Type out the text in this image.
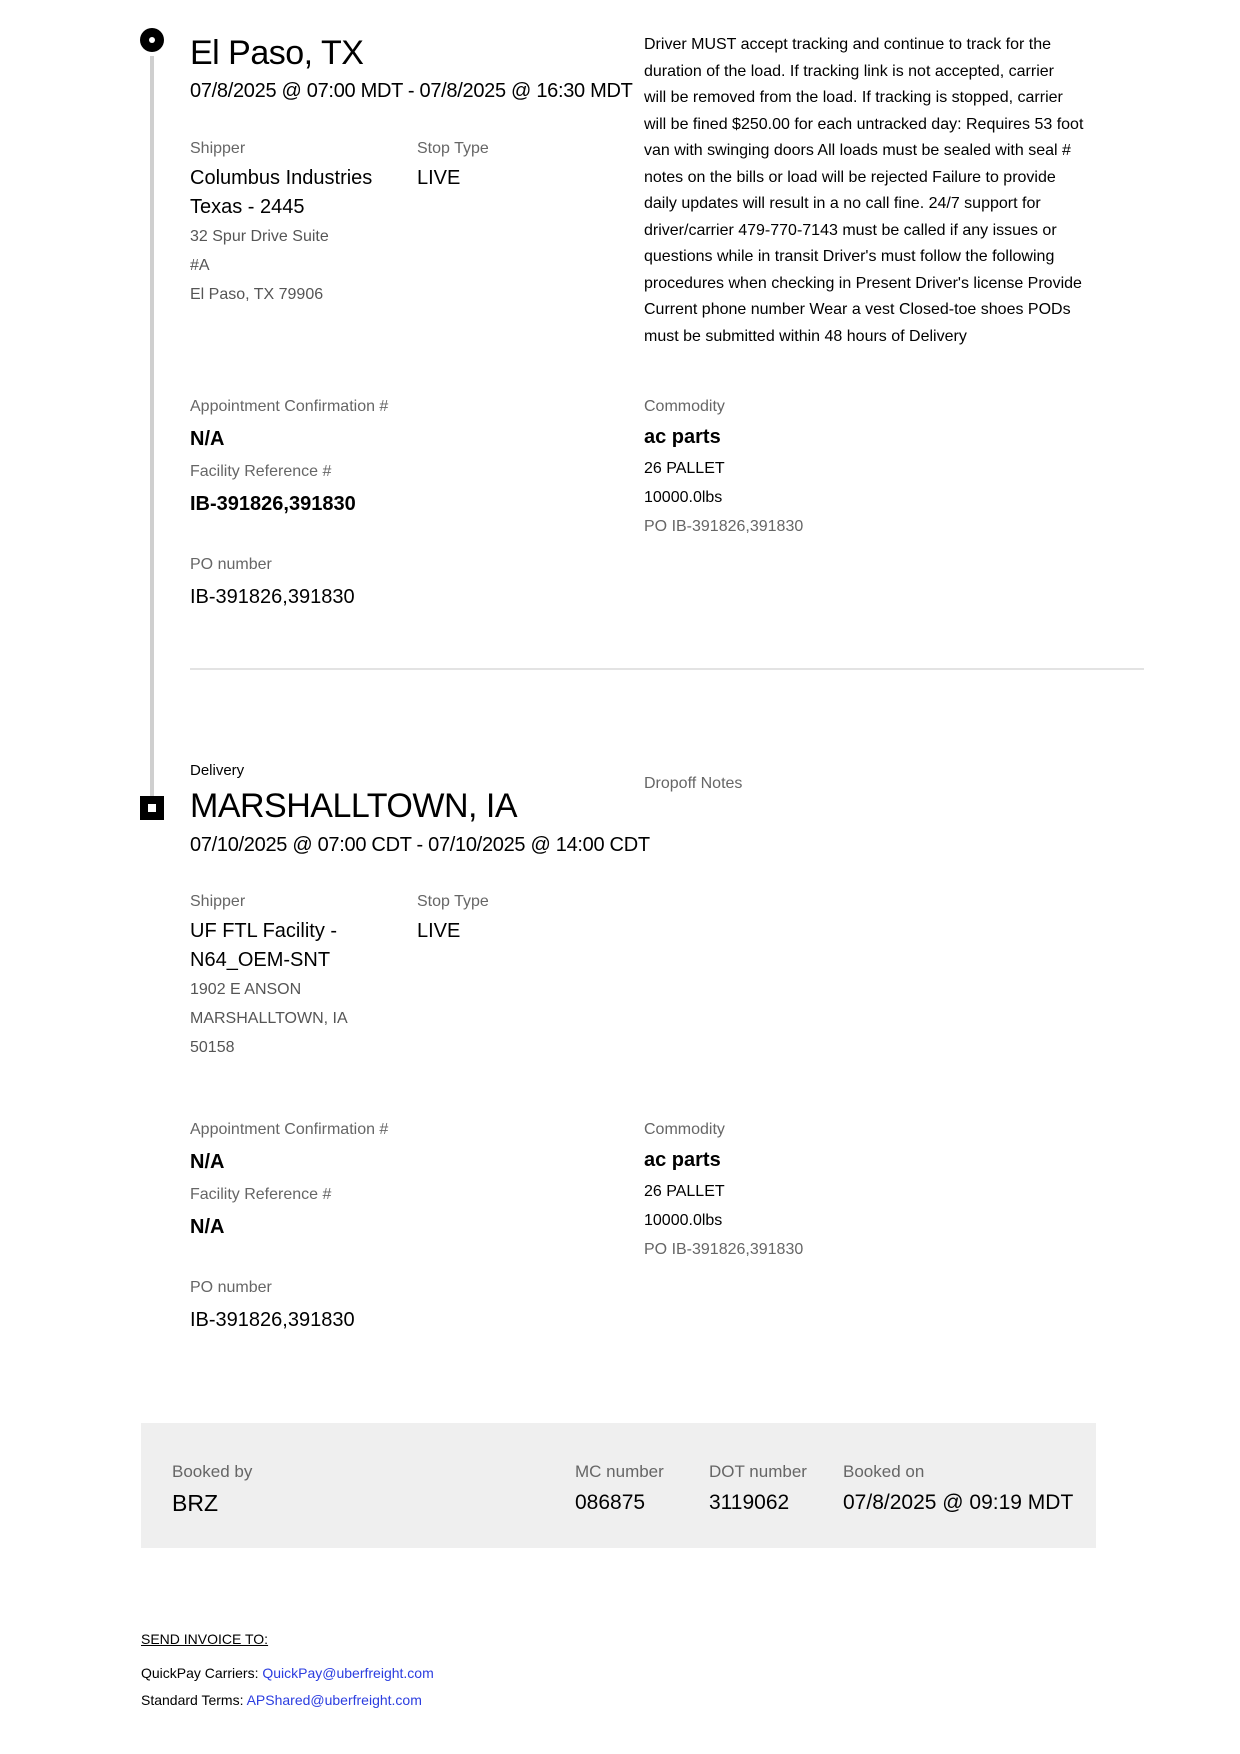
El Paso, TX
07/8/2025 @ 07:00 MDT - 07/8/2025 @ 16:30 MDT
Shipper
Columbus Industries
Texas - 2445
32 Spur Drive Suite
#A
El Paso, TX 79906
Stop Type
LIVE
Driver MUST accept tracking and continue to track for the
duration of the load. If tracking link is not accepted, carrier
will be removed from the load. If tracking is stopped, carrier
will be fined $250.00 for each untracked day: Requires 53 foot
van with swinging doors All loads must be sealed with seal #
notes on the bills or load will be rejected Failure to provide
daily updates will result in a no call fine. 24/7 support for
driver/carrier 479-770-7143 must be called if any issues or
questions while in transit Driver's must follow the following
procedures when checking in Present Driver's license Provide
Current phone number Wear a vest Closed-toe shoes PODs
must be submitted within 48 hours of Delivery
Appointment Confirmation #
N/A
Facility Reference #
IB-391826,391830
PO number
IB-391826,391830
Commodity
ac parts
26 PALLET
10000.0lbs
PO IB-391826,391830
Delivery
MARSHALLTOWN, IA
07/10/2025 @ 07:00 CDT - 07/10/2025 @ 14:00 CDT
Dropoff Notes
Shipper
UF FTL Facility -
N64_OEM-SNT
1902 E ANSON
MARSHALLTOWN, IA
50158
Stop Type
LIVE
Appointment Confirmation #
N/A
Facility Reference #
N/A
PO number
IB-391826,391830
Commodity
ac parts
26 PALLET
10000.0lbs
PO IB-391826,391830
Booked by
BRZ
MC number
086875
DOT number
3119062
Booked on
07/8/2025 @ 09:19 MDT
SEND INVOICE TO:
QuickPay Carriers: QuickPay@uberfreight.com
Standard Terms: APShared@uberfreight.com
